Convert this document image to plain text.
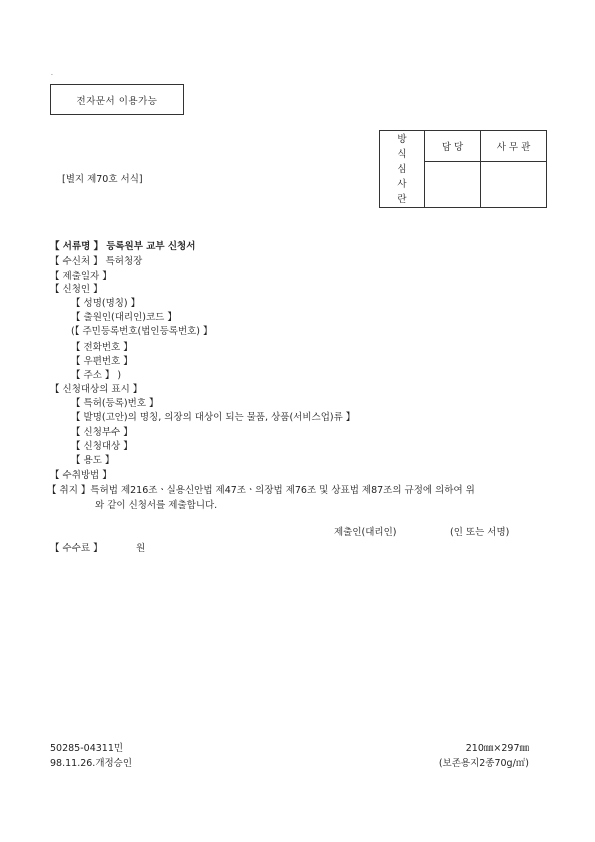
.
전자문서 이용가능
[별지 제70호 서식]
방
식
심
사
란	담 당	사 무 관

【 서류명 】 등록원부 교부 신청서
【 수신처 】 특허청장
【 제출일자 】
【 신청인 】
【 성명(명칭) 】
【 출원인(대리인)코드 】
(【 주민등록번호(법인등록번호) 】
【 전화번호 】
【 우편번호 】
【 주소 】 )
【 신청대상의 표시 】
【 특허(등록)번호 】
【 발명(고안)의 명칭, 의장의 대상이 되는 물품, 상품(서비스업)류 】
【 신청부수 】
【 신청대상 】
【 용도 】
【 수취방법 】
【 취지 】특허법 제216조ㆍ실용신안법 제47조ㆍ의장법 제76조 및 상표법 제87조의 규정에 의하여 위
와 같이 신청서를 제출합니다.
제출인(대리인)	(인 또는 서명)
【 수수료 】	원
50285-04311민
98.11.26.개정승인
210㎜×297㎜
(보존용지2종70g/㎡)
